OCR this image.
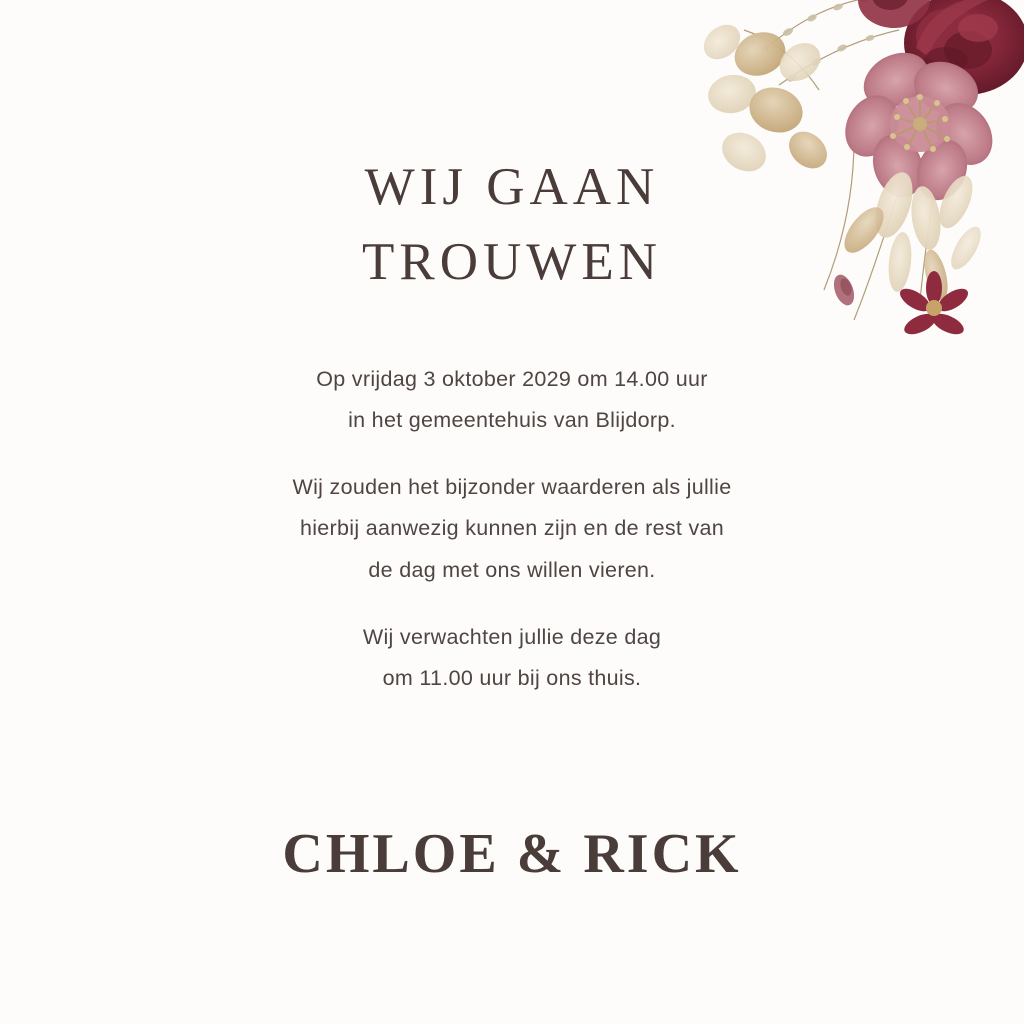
WIJ GAAN
TROUWEN

Op vrijdag 3 oktober 2029 om 14.00 uur
in het gemeentehuis van Blijdorp.

Wij zouden het bijzonder waarderen als jullie
hierbij aanwezig kunnen zijn en de rest van
de dag met ons willen vieren.

Wij verwachten jullie deze dag
om 11.00 uur bij ons thuis.

CHLOE & RICK
